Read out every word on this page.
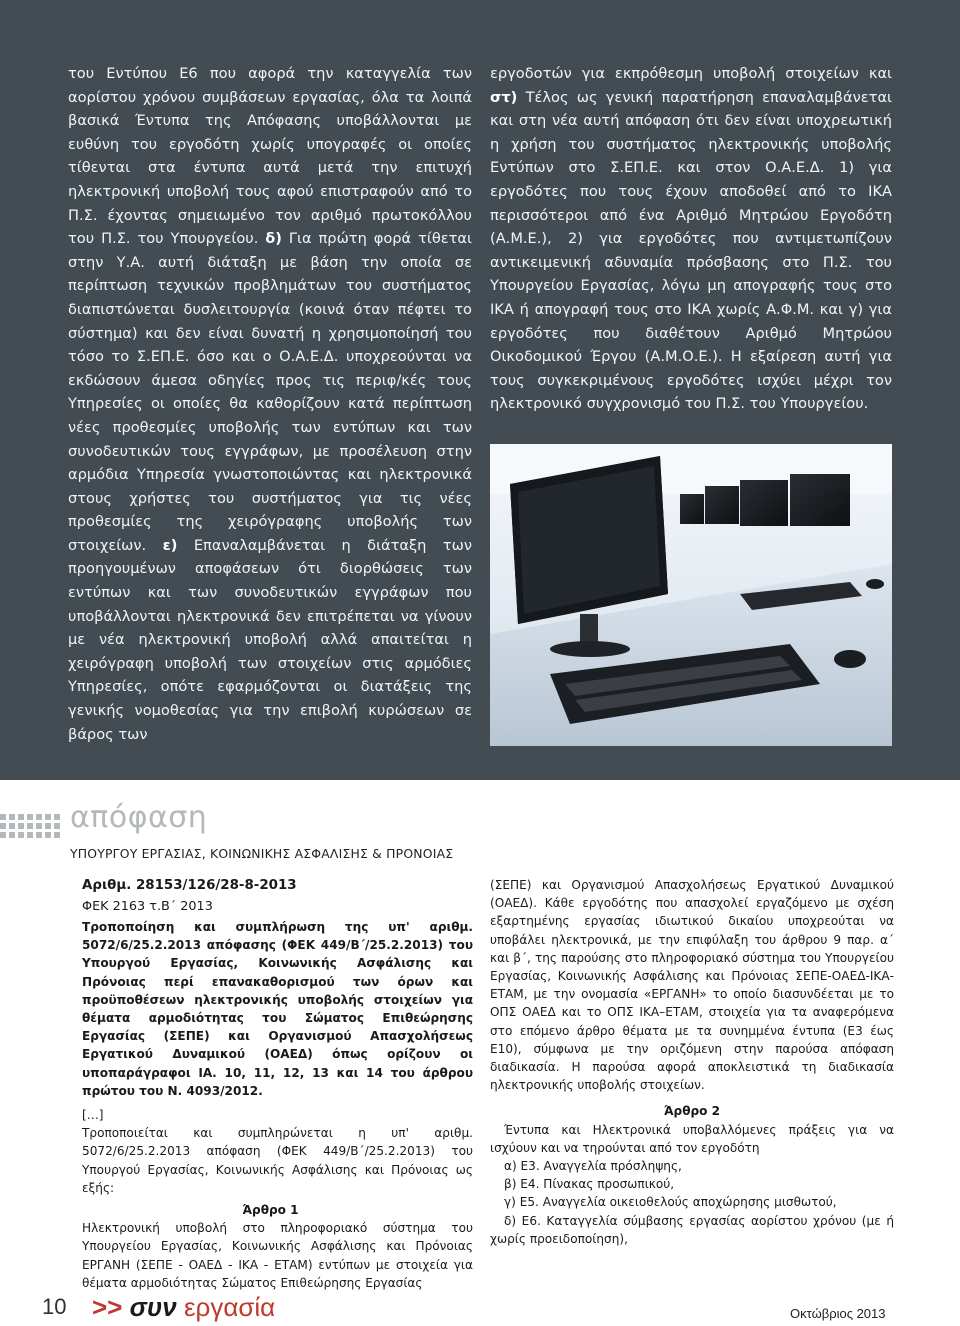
του Εντύπου Ε6 που αφορά την καταγγελία των αορίστου χρόνου συμβάσεων εργασίας, όλα τα λοιπά βασικά Έντυπα της Απόφασης υποβάλλονται με ευθύνη του εργοδότη χωρίς υπογραφές οι οποίες τίθενται στα έντυπα αυτά μετά την επιτυχή ηλεκτρονική υποβολή τους αφού επιστραφούν από το Π.Σ. έχοντας σημειωμένο τον αριθμό πρωτοκόλλου του Π.Σ. του Υπουργείου. δ) Για πρώτη φορά τίθεται στην Υ.Α. αυτή διάταξη με βάση την οποία σε περίπτωση τεχνικών προβλημάτων του συστήματος διαπιστώνεται δυσλειτουργία (κοινά όταν πέφτει το σύστημα) και δεν είναι δυνατή η χρησιμοποίησή του τόσο το Σ.ΕΠ.Ε. όσο και ο Ο.Α.Ε.Δ. υποχρεούνται να εκδώσουν άμεσα οδηγίες προς τις περιφ/κές τους Υπηρεσίες οι οποίες θα καθορίζουν κατά περίπτωση νέες προθεσμίες υποβολής των εντύπων και των συνοδευτικών τους εγγράφων, με προσέλευση στην αρμόδια Υπηρεσία γνωστοποιώντας και ηλεκτρονικά στους χρήστες του συστήματος για τις νέες προθεσμίες της χειρόγραφης υποβολής των στοιχείων. ε) Επαναλαμβάνεται η διάταξη των προηγουμένων αποφάσεων ότι διορθώσεις των εντύπων και των συνοδευτικών εγγράφων που υποβάλλονται ηλεκτρονικά δεν επιτρέπεται να γίνουν με νέα ηλεκτρονική υποβολή αλλά απαιτείται η χειρόγραφη υποβολή των στοιχείων στις αρμόδιες Υπηρεσίες, οπότε εφαρμόζονται οι διατάξεις της γενικής νομοθεσίας για την επιβολή κυρώσεων σε βάρος των

εργοδοτών για εκπρόθεσμη υποβολή στοιχείων και στ) Τέλος ως γενική παρατήρηση επαναλαμβάνεται και στη νέα αυτή απόφαση ότι δεν είναι υποχρεωτική η χρήση του συστήματος ηλεκτρονικής υποβολής Εντύπων στο Σ.ΕΠ.Ε. και στον Ο.Α.Ε.Δ. 1) για εργοδότες που τους έχουν αποδοθεί από το ΙΚΑ περισσότεροι από ένα Αριθμό Μητρώου Εργοδότη (Α.Μ.Ε.), 2) για εργοδότες που αντιμετωπίζουν αντικειμενική αδυναμία πρόσβασης στο Π.Σ. του Υπουργείου Εργασίας, λόγω μη απογραφής τους στο ΙΚΑ ή απογραφή τους στο ΙΚΑ χωρίς Α.Φ.Μ. και γ) για εργοδότες που διαθέτουν Αριθμό Μητρώου Οικοδομικού Έργου (Α.Μ.Ο.Ε.). Η εξαίρεση αυτή για τους συγκεκριμένους εργοδότες ισχύει μέχρι τον ηλεκτρονικό συγχρονισμό του Π.Σ. του Υπουργείου.

απόφαση
ΥΠΟΥΡΓΟΥ ΕΡΓΑΣΙΑΣ, ΚΟΙΝΩΝΙΚΗΣ ΑΣΦΑΛΙΣΗΣ & ΠΡΟΝΟΙΑΣ

Αριθμ. 28153/126/28-8-2013

ΦΕΚ 2163 τ.Β΄ 2013

Τροποποίηση και συμπλήρωση της υπ' αριθμ. 5072/6/25.2.2013 απόφασης (ΦΕΚ 449/Β΄/25.2.2013) του Υπουργού Εργασίας, Κοινωνικής Ασφάλισης και Πρόνοιας περί επανακαθορισμού των όρων και προϋποθέσεων ηλεκτρονικής υποβολής στοιχείων για θέματα αρμοδιότητας του Σώματος Επιθεώρησης Εργασίας (ΣΕΠΕ) και Οργανισμού Απασχολήσεως Εργατικού Δυναμικού (ΟΑΕΔ) όπως ορίζουν οι υποπαράγραφοι ΙΑ. 10, 11, 12, 13 και 14 του άρθρου πρώτου του Ν. 4093/2012.

[…]

Τροποποιείται και συμπληρώνεται η υπ' αριθμ. 5072/6/25.2.2013 απόφαση (ΦΕΚ 449/Β΄/25.2.2013) του Υπουργού Εργασίας, Κοινωνικής Ασφάλισης και Πρόνοιας ως εξής:

Άρθρο 1

Ηλεκτρονική υποβολή στο πληροφοριακό σύστημα του Υπουργείου Εργασίας, Κοινωνικής Ασφάλισης και Πρόνοιας ΕΡΓΑΝΗ (ΣΕΠΕ - ΟΑΕΔ - ΙΚΑ - ΕΤΑΜ) εντύπων με στοιχεία για θέματα αρμοδιότητας Σώματος Επιθεώρησης Εργασίας

(ΣΕΠΕ) και Οργανισμού Απασχολήσεως Εργατικού Δυναμικού (ΟΑΕΔ). Κάθε εργοδότης που απασχολεί εργαζόμενο με σχέση εξαρτημένης εργασίας ιδιωτικού δικαίου υποχρεούται να υποβάλει ηλεκτρονικά, με την επιφύλαξη του άρθρου 9 παρ. α΄ και β΄, της παρούσης στο πληροφοριακό σύστημα του Υπουργείου Εργασίας, Κοινωνικής Ασφάλισης και Πρόνοιας ΣΕΠΕ-ΟΑΕΔ-ΙΚΑ-ΕΤΑΜ, με την ονομασία «ΕΡΓΑΝΗ» το οποίο διασυνδέεται με το ΟΠΣ ΟΑΕΔ και το ΟΠΣ ΙΚΑ–ΕΤΑΜ, στοιχεία για τα αναφερόμενα στο επόμενο άρθρο θέματα με τα συνημμένα έντυπα (Ε3 έως Ε10), σύμφωνα με την οριζόμενη στην παρούσα απόφαση διαδικασία. Η παρούσα αφορά αποκλειστικά τη διαδικασία ηλεκτρονικής υποβολής στοιχείων.

Άρθρο 2

Έντυπα και Ηλεκτρονικά υποβαλλόμενες πράξεις για να ισχύουν και να τηρούνται από τον εργοδότη

α) Ε3. Αναγγελία πρόσληψης,

β) Ε4. Πίνακας προσωπικού,

γ) Ε5. Αναγγελία οικειοθελούς αποχώρησης μισθωτού,

δ) Ε6. Καταγγελία σύμβασης εργασίας αορίστου χρόνου (με ή χωρίς προειδοποίηση),

10 >> συν εργασία	Οκτώβριος 2013
